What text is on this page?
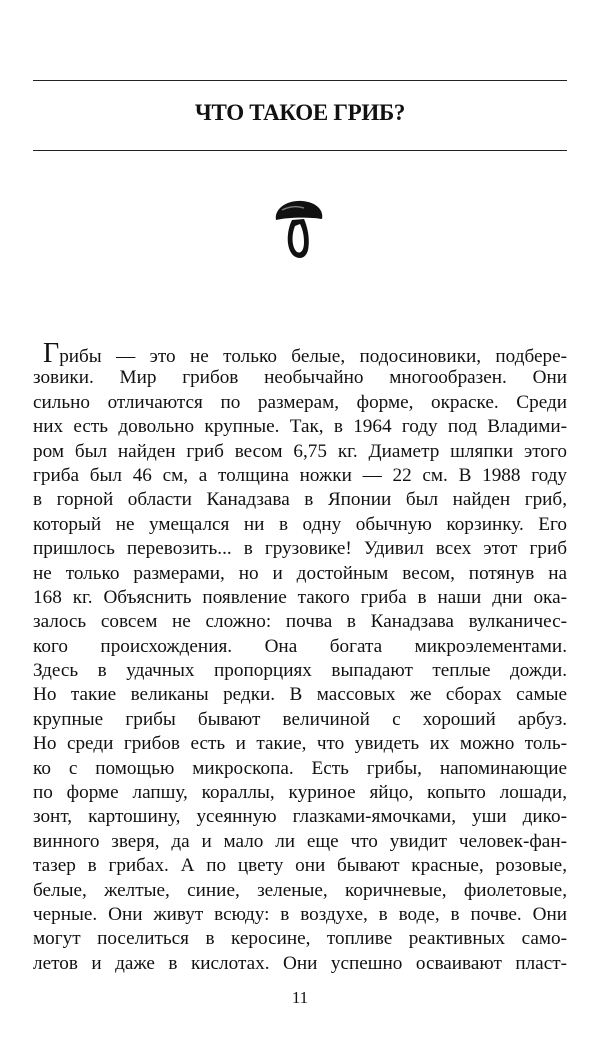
ЧТО ТАКОЕ ГРИБ?
Грибы — это не только белые, подосиновики, подбере-
зовики. Мир грибов необычайно многообразен. Они
сильно отличаются по размерам, форме, окраске. Среди
них есть довольно крупные. Так, в 1964 году под Владими-
ром был найден гриб весом 6,75 кг. Диаметр шляпки этого
гриба был 46 см, а толщина ножки — 22 см. В 1988 году
в горной области Канадзава в Японии был найден гриб,
который не умещался ни в одну обычную корзинку. Его
пришлось перевозить... в грузовике! Удивил всех этот гриб
не только размерами, но и достойным весом, потянув на
168 кг. Объяснить появление такого гриба в наши дни ока-
залось совсем не сложно: почва в Канадзава вулканичес-
кого происхождения. Она богата микроэлементами.
Здесь в удачных пропорциях выпадают теплые дожди.
Но такие великаны редки. В массовых же сборах самые
крупные грибы бывают величиной с хороший арбуз.
Но среди грибов есть и такие, что увидеть их можно толь-
ко с помощью микроскопа. Есть грибы, напоминающие
по форме лапшу, кораллы, куриное яйцо, копыто лошади,
зонт, картошину, усеянную глазками-ямочками, уши дико-
винного зверя, да и мало ли еще что увидит человек-фан-
тазер в грибах. А по цвету они бывают красные, розовые,
белые, желтые, синие, зеленые, коричневые, фиолетовые,
черные. Они живут всюду: в воздухе, в воде, в почве. Они
могут поселиться в керосине, топливе реактивных само-
летов и даже в кислотах. Они успешно осваивают пласт-
11
